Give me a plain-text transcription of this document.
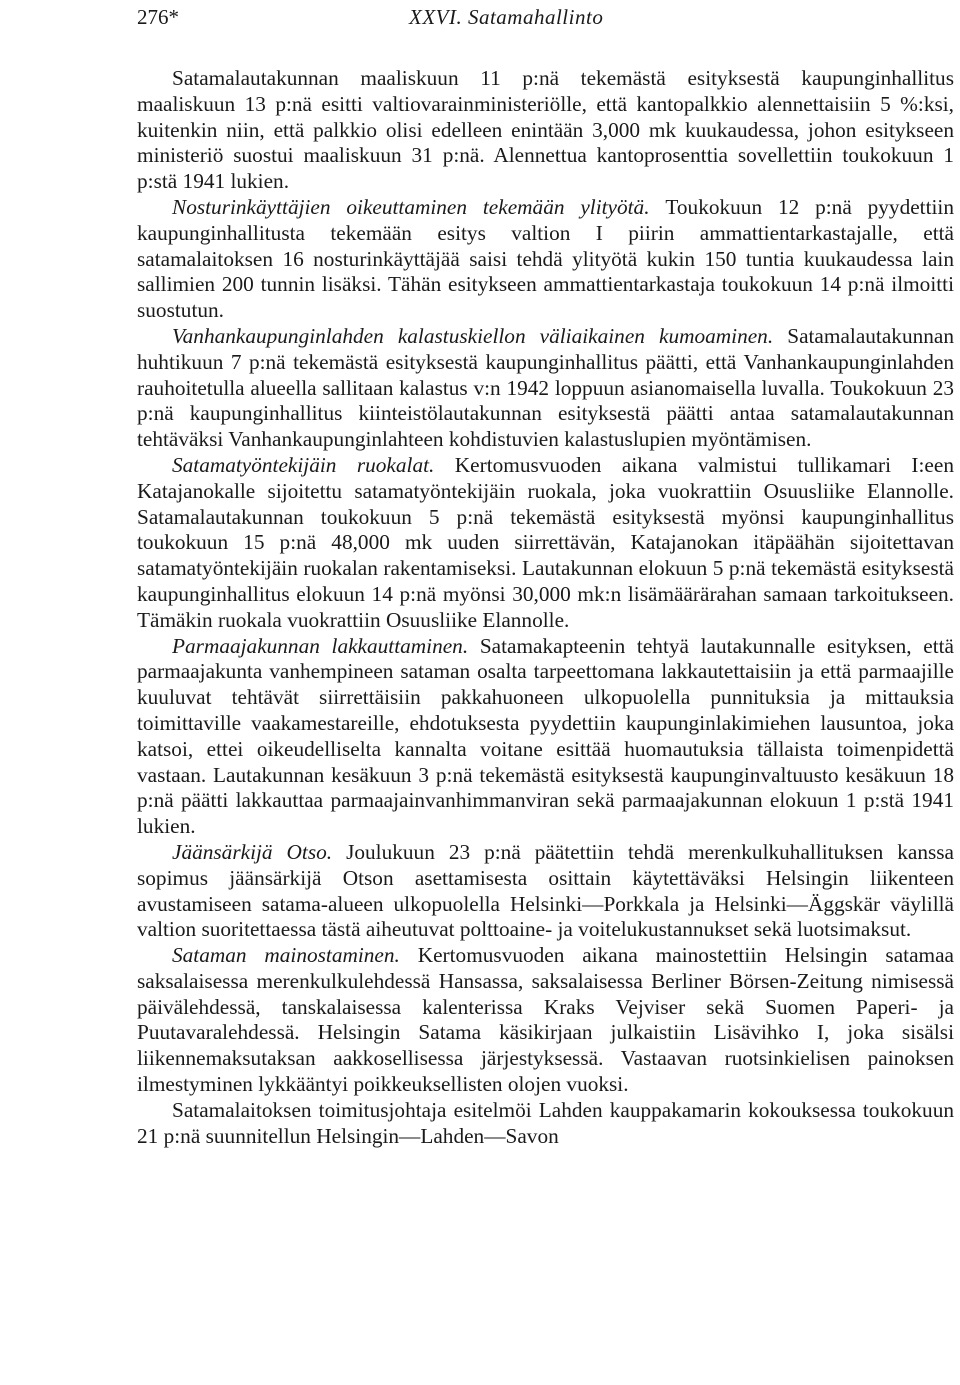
276*	XXVI. Satamahallinto

Satamalautakunnan maaliskuun 11 p:nä tekemästä esityksestä kaupunginhallitus maaliskuun 13 p:nä esitti valtiovarainministeriölle, että kantopalkkio alennettaisiin 5 %:ksi, kuitenkin niin, että palkkio olisi edelleen enintään 3,000 mk kuukaudessa, johon esitykseen ministeriö suostui maaliskuun 31 p:nä. Alennettua kantoprosenttia sovellettiin toukokuun 1 p:stä 1941 lukien.

Nosturinkäyttäjien oikeuttaminen tekemään ylityötä. Toukokuun 12 p:nä pyydettiin kaupunginhallitusta tekemään esitys valtion I piirin ammattientarkastajalle, että satamalaitoksen 16 nosturinkäyttäjää saisi tehdä ylityötä kukin 150 tuntia kuukaudessa lain sallimien 200 tunnin lisäksi. Tähän esitykseen ammattientarkastaja toukokuun 14 p:nä ilmoitti suostutun.

Vanhankaupunginlahden kalastuskiellon väliaikainen kumoaminen. Satamalautakunnan huhtikuun 7 p:nä tekemästä esityksestä kaupunginhallitus päätti, että Vanhankaupunginlahden rauhoitetulla alueella sallitaan kalastus v:n 1942 loppuun asianomaisella luvalla. Toukokuun 23 p:nä kaupunginhallitus kiinteistölautakunnan esityksestä päätti antaa satamalautakunnan tehtäväksi Vanhankaupunginlahteen kohdistuvien kalastuslupien myöntämisen.

Satamatyöntekijäin ruokalat. Kertomusvuoden aikana valmistui tullikamari I:een Katajanokalle sijoitettu satamatyöntekijäin ruokala, joka vuokrattiin Osuusliike Elannolle. Satamalautakunnan toukokuun 5 p:nä tekemästä esityksestä myönsi kaupunginhallitus toukokuun 15 p:nä 48,000 mk uuden siirrettävän, Katajanokan itäpäähän sijoitettavan satamatyöntekijäin ruokalan rakentamiseksi. Lautakunnan elokuun 5 p:nä tekemästä esityksestä kaupunginhallitus elokuun 14 p:nä myönsi 30,000 mk:n lisämäärärahan samaan tarkoitukseen. Tämäkin ruokala vuokrattiin Osuusliike Elannolle.

Parmaajakunnan lakkauttaminen. Satamakapteenin tehtyä lautakunnalle esityksen, että parmaajakunta vanhempineen sataman osalta tarpeettomana lakkautettaisiin ja että parmaajille kuuluvat tehtävät siirrettäisiin pakkahuoneen ulkopuolella punnituksia ja mittauksia toimittaville vaakamestareille, ehdotuksesta pyydettiin kaupunginlakimiehen lausuntoa, joka katsoi, ettei oikeudelliselta kannalta voitane esittää huomautuksia tällaista toimenpidettä vastaan. Lautakunnan kesäkuun 3 p:nä tekemästä esityksestä kaupunginvaltuusto kesäkuun 18 p:nä päätti lakkauttaa parmaajainvanhimmanviran sekä parmaajakunnan elokuun 1 p:stä 1941 lukien.

Jäänsärkijä Otso. Joulukuun 23 p:nä päätettiin tehdä merenkulkuhallituksen kanssa sopimus jäänsärkijä Otson asettamisesta osittain käytettäväksi Helsingin liikenteen avustamiseen satama-alueen ulkopuolella Helsinki—Porkkala ja Helsinki—Äggskär väylillä valtion suoritettaessa tästä aiheutuvat polttoaine- ja voitelukustannukset sekä luotsimaksut.

Sataman mainostaminen. Kertomusvuoden aikana mainostettiin Helsingin satamaa saksalaisessa merenkulkulehdessä Hansassa, saksalaisessa Berliner Börsen-Zeitung nimisessä päivälehdessä, tanskalaisessa kalenterissa Kraks Vejviser sekä Suomen Paperi- ja Puutavaralehdessä. Helsingin Satama käsikirjaan julkaistiin Lisävihko I, joka sisälsi liikennemaksutaksan aakkosellisessa järjestyksessä. Vastaavan ruotsinkielisen painoksen ilmestyminen lykkääntyi poikkeuksellisten olojen vuoksi.

Satamalaitoksen toimitusjohtaja esitelmöi Lahden kauppakamarin kokouksessa toukokuun 21 p:nä suunnitellun Helsingin—Lahden—Savon
